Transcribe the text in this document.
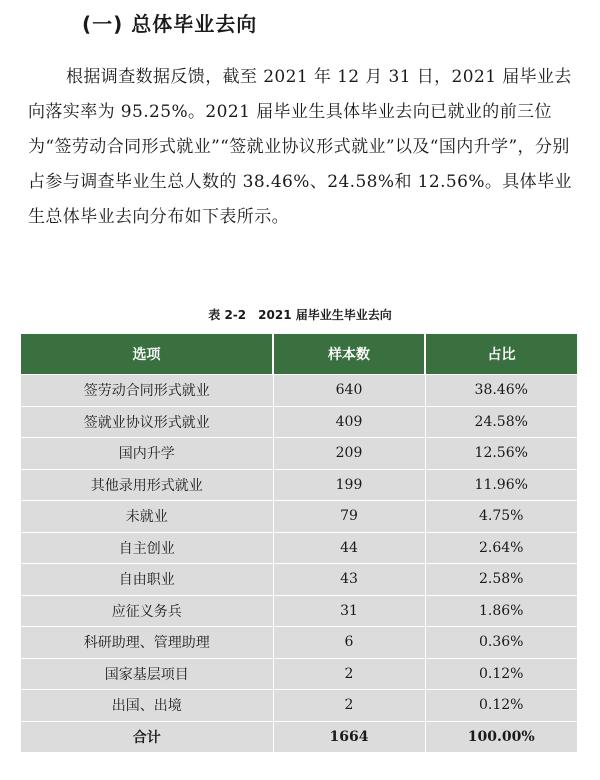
(一) 总体毕业去向
根据调查数据反馈，截至 2021 年 12 月 31 日，2021 届毕业去向落实率为 95.25%。2021 届毕业生具体毕业去向已就业的前三位为“签劳动合同形式就业”“签就业协议形式就业”以及“国内升学”，分别占参与调查毕业生总人数的 38.46%、24.58%和 12.56%。具体毕业生总体毕业去向分布如下表所示。
表 2-2　2021 届毕业生毕业去向
选项	样本数	占比
签劳动合同形式就业	640	38.46%
签就业协议形式就业	409	24.58%
国内升学	209	12.56%
其他录用形式就业	199	11.96%
未就业	79	4.75%
自主创业	44	2.64%
自由职业	43	2.58%
应征义务兵	31	1.86%
科研助理、管理助理	6	0.36%
国家基层项目	2	0.12%
出国、出境	2	0.12%
合计	1664	100.00%
